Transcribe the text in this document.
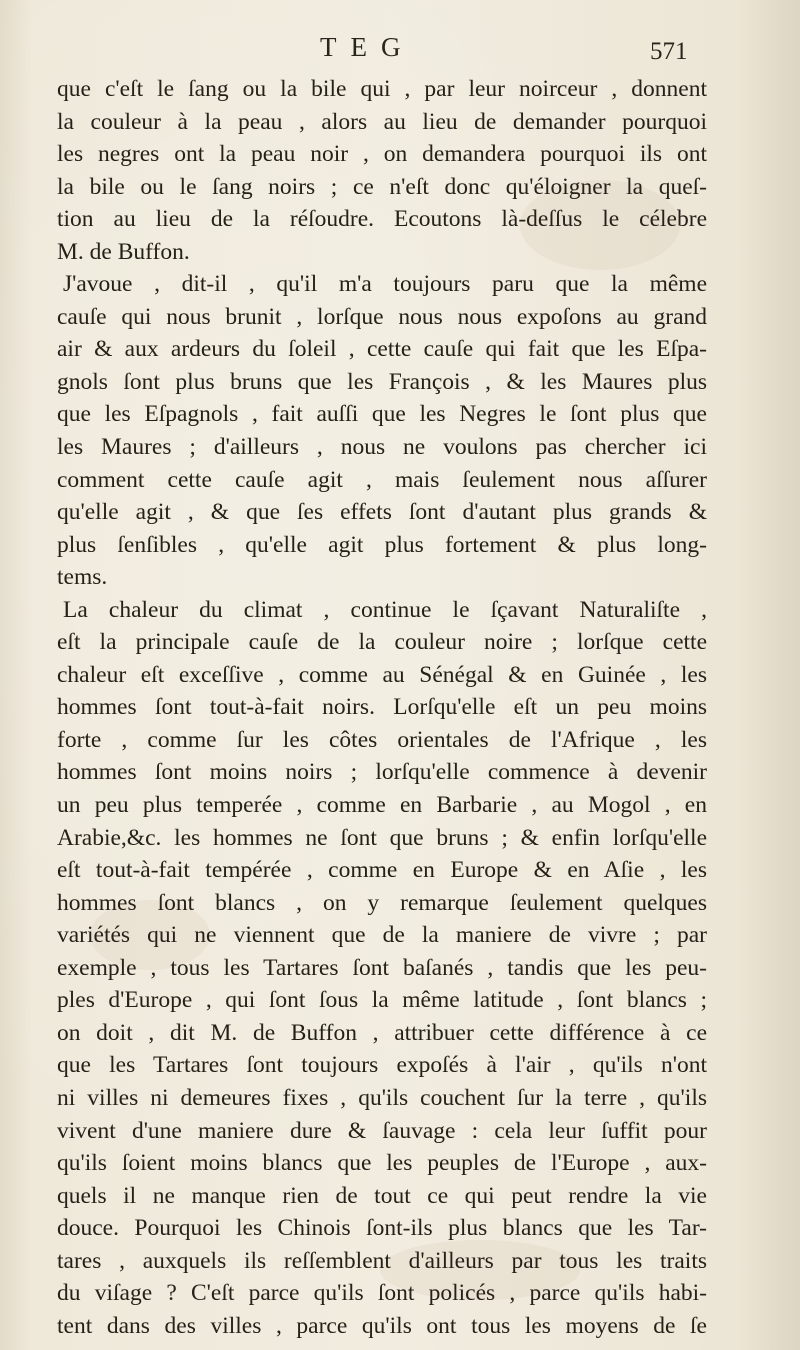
TEG	571
que c'eſt le ſang ou la bile qui , par leur noirceur , donnent
la couleur à la peau , alors au lieu de demander pourquoi
les negres ont la peau noir , on demandera pourquoi ils ont
la bile ou le ſang noirs ; ce n'eſt donc qu'éloigner la queſ-
tion au lieu de la réſoudre. Ecoutons là-deſſus le célebre
M. de Buffon.
J'avoue , dit-il , qu'il m'a toujours paru que la même
cauſe qui nous brunit , lorſque nous nous expoſons au grand
air & aux ardeurs du ſoleil , cette cauſe qui fait que les Eſpa-
gnols ſont plus bruns que les François , & les Maures plus
que les Eſpagnols , fait auſſi que les Negres le ſont plus que
les Maures ; d'ailleurs , nous ne voulons pas chercher ici
comment cette cauſe agit , mais ſeulement nous aſſurer
qu'elle agit , & que ſes effets ſont d'autant plus grands &
plus ſenſibles , qu'elle agit plus fortement & plus long-
tems.
La chaleur du climat , continue le ſçavant Naturaliſte ,
eſt la principale cauſe de la couleur noire ; lorſque cette
chaleur eſt exceſſive , comme au Sénégal & en Guinée , les
hommes ſont tout-à-fait noirs. Lorſqu'elle eſt un peu moins
forte , comme ſur les côtes orientales de l'Afrique , les
hommes ſont moins noirs ; lorſqu'elle commence à devenir
un peu plus temperée , comme en Barbarie , au Mogol , en
Arabie,&c. les hommes ne ſont que bruns ; & enfin lorſqu'elle
eſt tout-à-fait tempérée , comme en Europe & en Aſie , les
hommes ſont blancs , on y remarque ſeulement quelques
variétés qui ne viennent que de la maniere de vivre ; par
exemple , tous les Tartares ſont baſanés , tandis que les peu-
ples d'Europe , qui ſont ſous la même latitude , ſont blancs ;
on doit , dit M. de Buffon , attribuer cette différence à ce
que les Tartares ſont toujours expoſés à l'air , qu'ils n'ont
ni villes ni demeures fixes , qu'ils couchent ſur la terre , qu'ils
vivent d'une maniere dure & ſauvage : cela leur ſuffit pour
qu'ils ſoient moins blancs que les peuples de l'Europe , aux-
quels il ne manque rien de tout ce qui peut rendre la vie
douce. Pourquoi les Chinois ſont-ils plus blancs que les Tar-
tares , auxquels ils reſſemblent d'ailleurs par tous les traits
du viſage ? C'eſt parce qu'ils ſont policés , parce qu'ils habi-
tent dans des villes , parce qu'ils ont tous les moyens de ſe
